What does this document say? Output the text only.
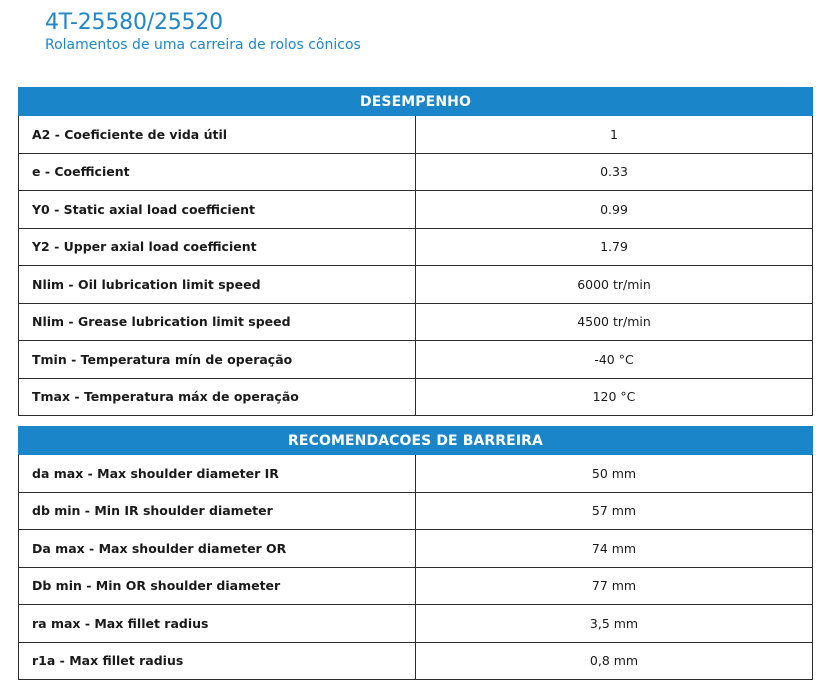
4T-25580/25520
Rolamentos de uma carreira de rolos cônicos
DESEMPENHO	
A2 - Coeficiente de vida útil	1
e - Coefficient	0.33
Y0 - Static axial load coefficient	0.99
Y2 - Upper axial load coefficient	1.79
Nlim - Oil lubrication limit speed	6000 tr/min
Nlim - Grease lubrication limit speed	4500 tr/min
Tmin - Temperatura mín de operação	-40 °C
Tmax - Temperatura máx de operação	120 °C
RECOMENDACOES DE BARREIRA	
da max - Max shoulder diameter IR	50 mm
db min - Min IR shoulder diameter	57 mm
Da max - Max shoulder diameter OR	74 mm
Db min - Min OR shoulder diameter	77 mm
ra max - Max fillet radius	3,5 mm
r1a - Max fillet radius	0,8 mm
